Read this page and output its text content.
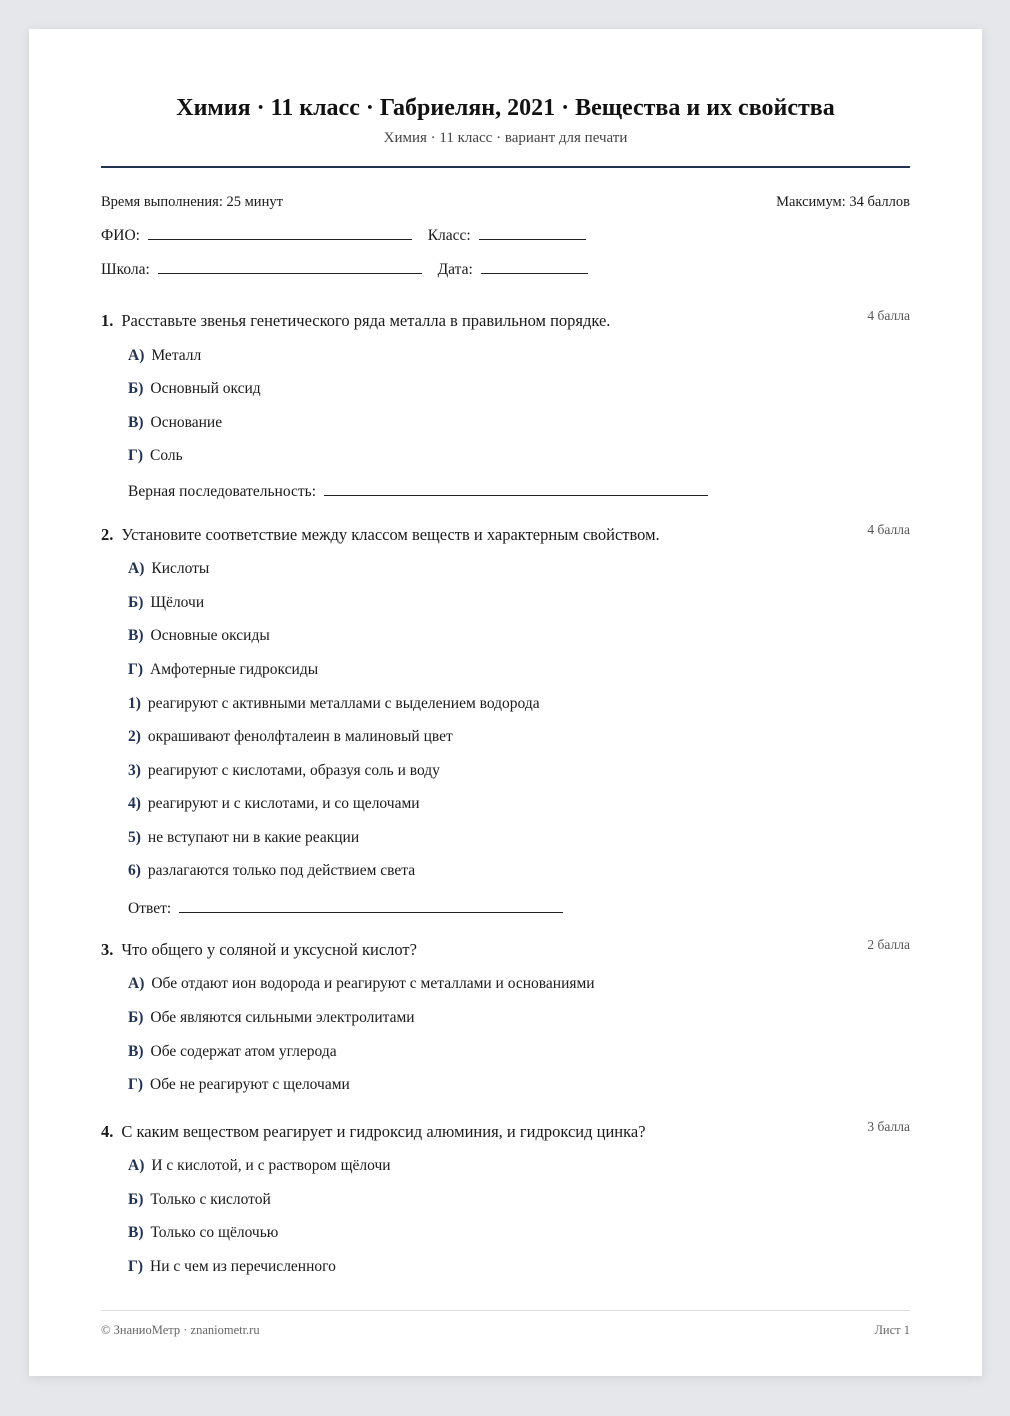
Химия · 11 класс · Габриелян, 2021 · Вещества и их свойства
Химия · 11 класс · вариант для печати
Время выполнения: 25 минут	Максимум: 34 баллов
ФИО:	Класс:
Школа:	Дата:
1. Расставьте звенья генетического ряда металла в правильном порядке.	4 балла
А) Металл
Б) Основный оксид
В) Основание
Г) Соль
Верная последовательность:
2. Установите соответствие между классом веществ и характерным свойством.	4 балла
А) Кислоты
Б) Щёлочи
В) Основные оксиды
Г) Амфотерные гидроксиды
1) реагируют с активными металлами с выделением водорода
2) окрашивают фенолфталеин в малиновый цвет
3) реагируют с кислотами, образуя соль и воду
4) реагируют и с кислотами, и со щелочами
5) не вступают ни в какие реакции
6) разлагаются только под действием света
Ответ:
3. Что общего у соляной и уксусной кислот?	2 балла
А) Обе отдают ион водорода и реагируют с металлами и основаниями
Б) Обе являются сильными электролитами
В) Обе содержат атом углерода
Г) Обе не реагируют с щелочами
4. С каким веществом реагирует и гидроксид алюминия, и гидроксид цинка?	3 балла
А) И с кислотой, и с раствором щёлочи
Б) Только с кислотой
В) Только со щёлочью
Г) Ни с чем из перечисленного
© ЗнаниоМетр · znaniometr.ru	Лист 1
